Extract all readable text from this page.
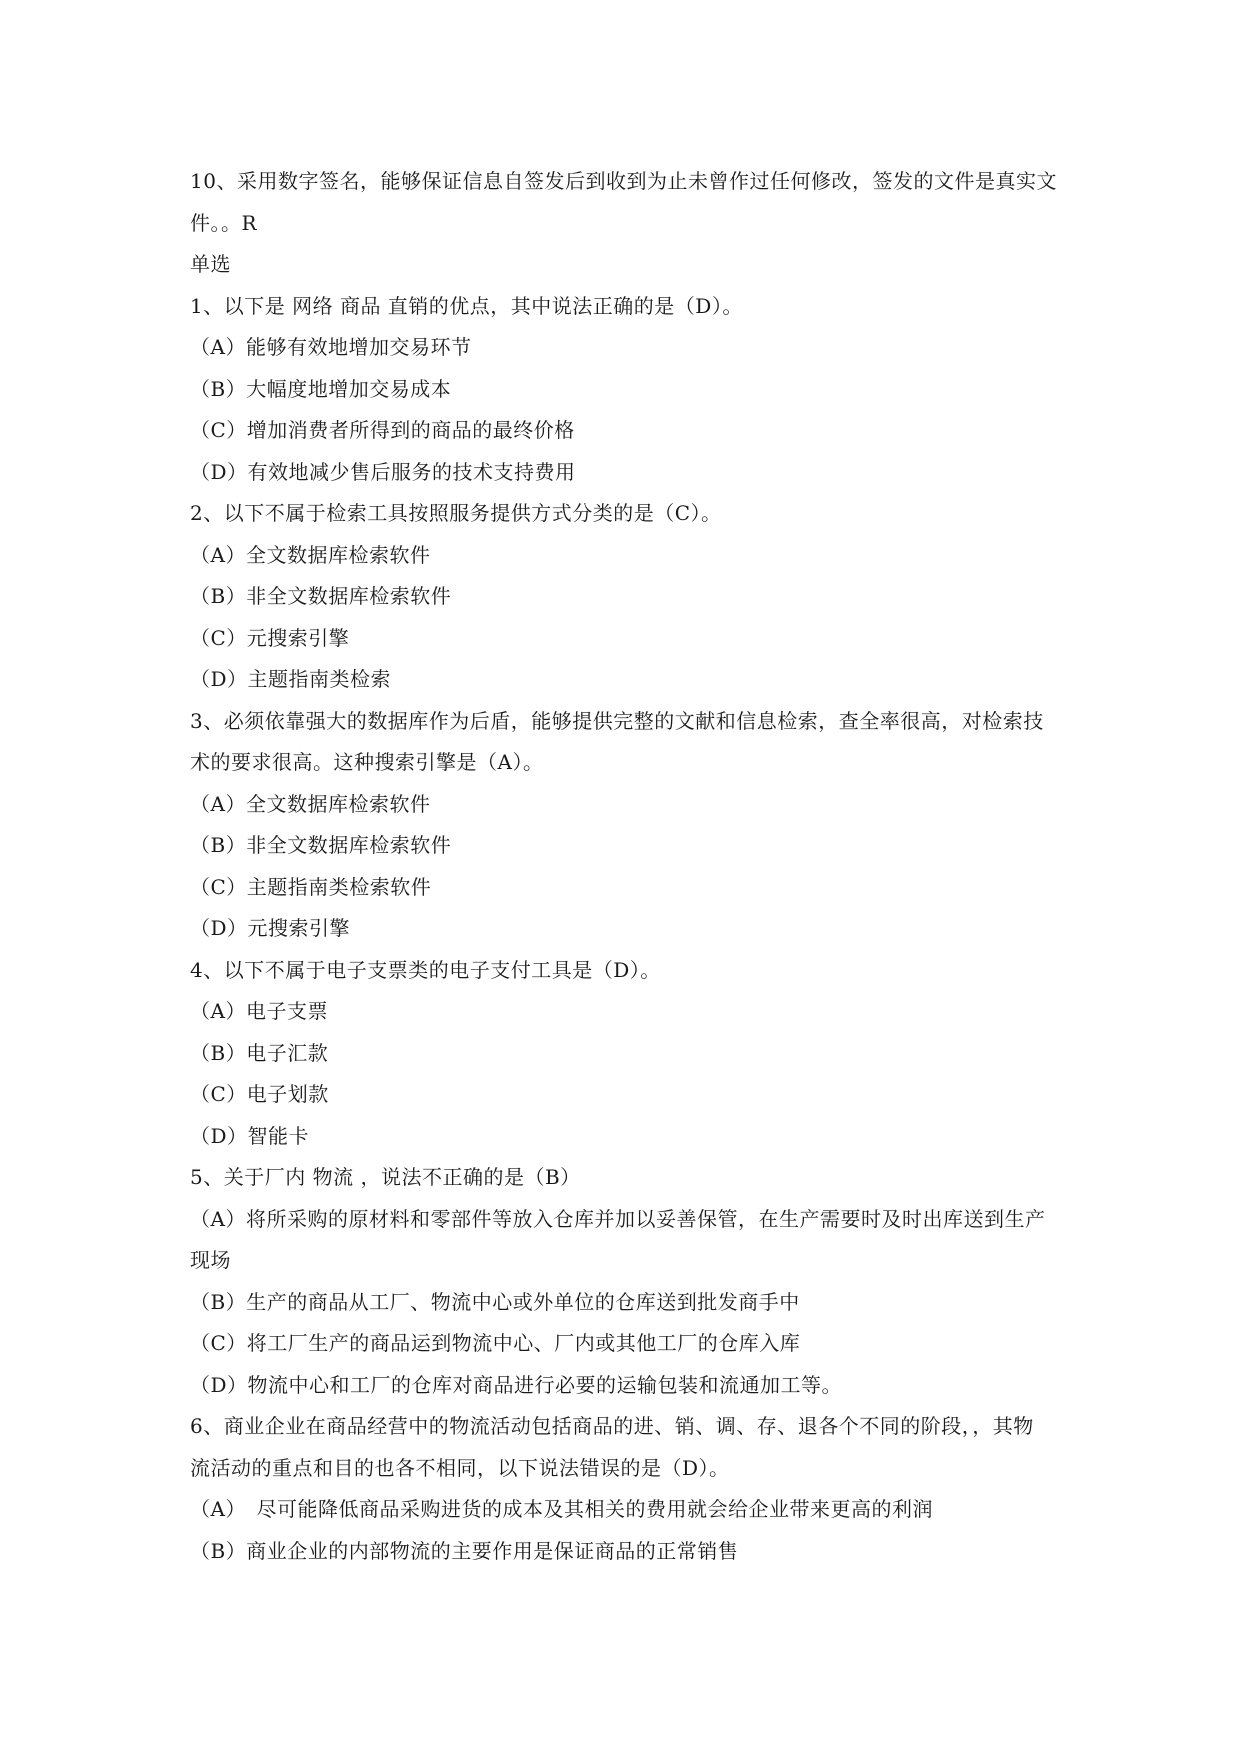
10、采用数字签名，能够保证信息自签发后到收到为止未曾作过任何修改，签发的文件是真实文
件。。R
单选
1、以下是 网络 商品 直销的优点，其中说法正确的是（D）。
（A）能够有效地增加交易环节
（B）大幅度地增加交易成本
（C）增加消费者所得到的商品的最终价格
（D）有效地减少售后服务的技术支持费用
2、以下不属于检索工具按照服务提供方式分类的是（C）。
（A）全文数据库检索软件
（B）非全文数据库检索软件
（C）元搜索引擎
（D）主题指南类检索
3、必须依靠强大的数据库作为后盾，能够提供完整的文献和信息检索，查全率很高，对检索技
术的要求很高。这种搜索引擎是（A）。
（A）全文数据库检索软件
（B）非全文数据库检索软件
（C）主题指南类检索软件
（D）元搜索引擎
4、以下不属于电子支票类的电子支付工具是（D）。
（A）电子支票
（B）电子汇款
（C）电子划款
（D）智能卡
5、关于厂内 物流 ，说法不正确的是（B）
（A）将所采购的原材料和零部件等放入仓库并加以妥善保管，在生产需要时及时出库送到生产
现场
（B）生产的商品从工厂、物流中心或外单位的仓库送到批发商手中
（C）将工厂生产的商品运到物流中心、厂内或其他工厂的仓库入库
（D）物流中心和工厂的仓库对商品进行必要的运输包装和流通加工等。
6、商业企业在商品经营中的物流活动包括商品的进、销、调、存、退各个不同的阶段，，其物
流活动的重点和目的也各不相同，以下说法错误的是（D）。
（A）　尽可能降低商品采购进货的成本及其相关的费用就会给企业带来更高的利润
（B）商业企业的内部物流的主要作用是保证商品的正常销售
